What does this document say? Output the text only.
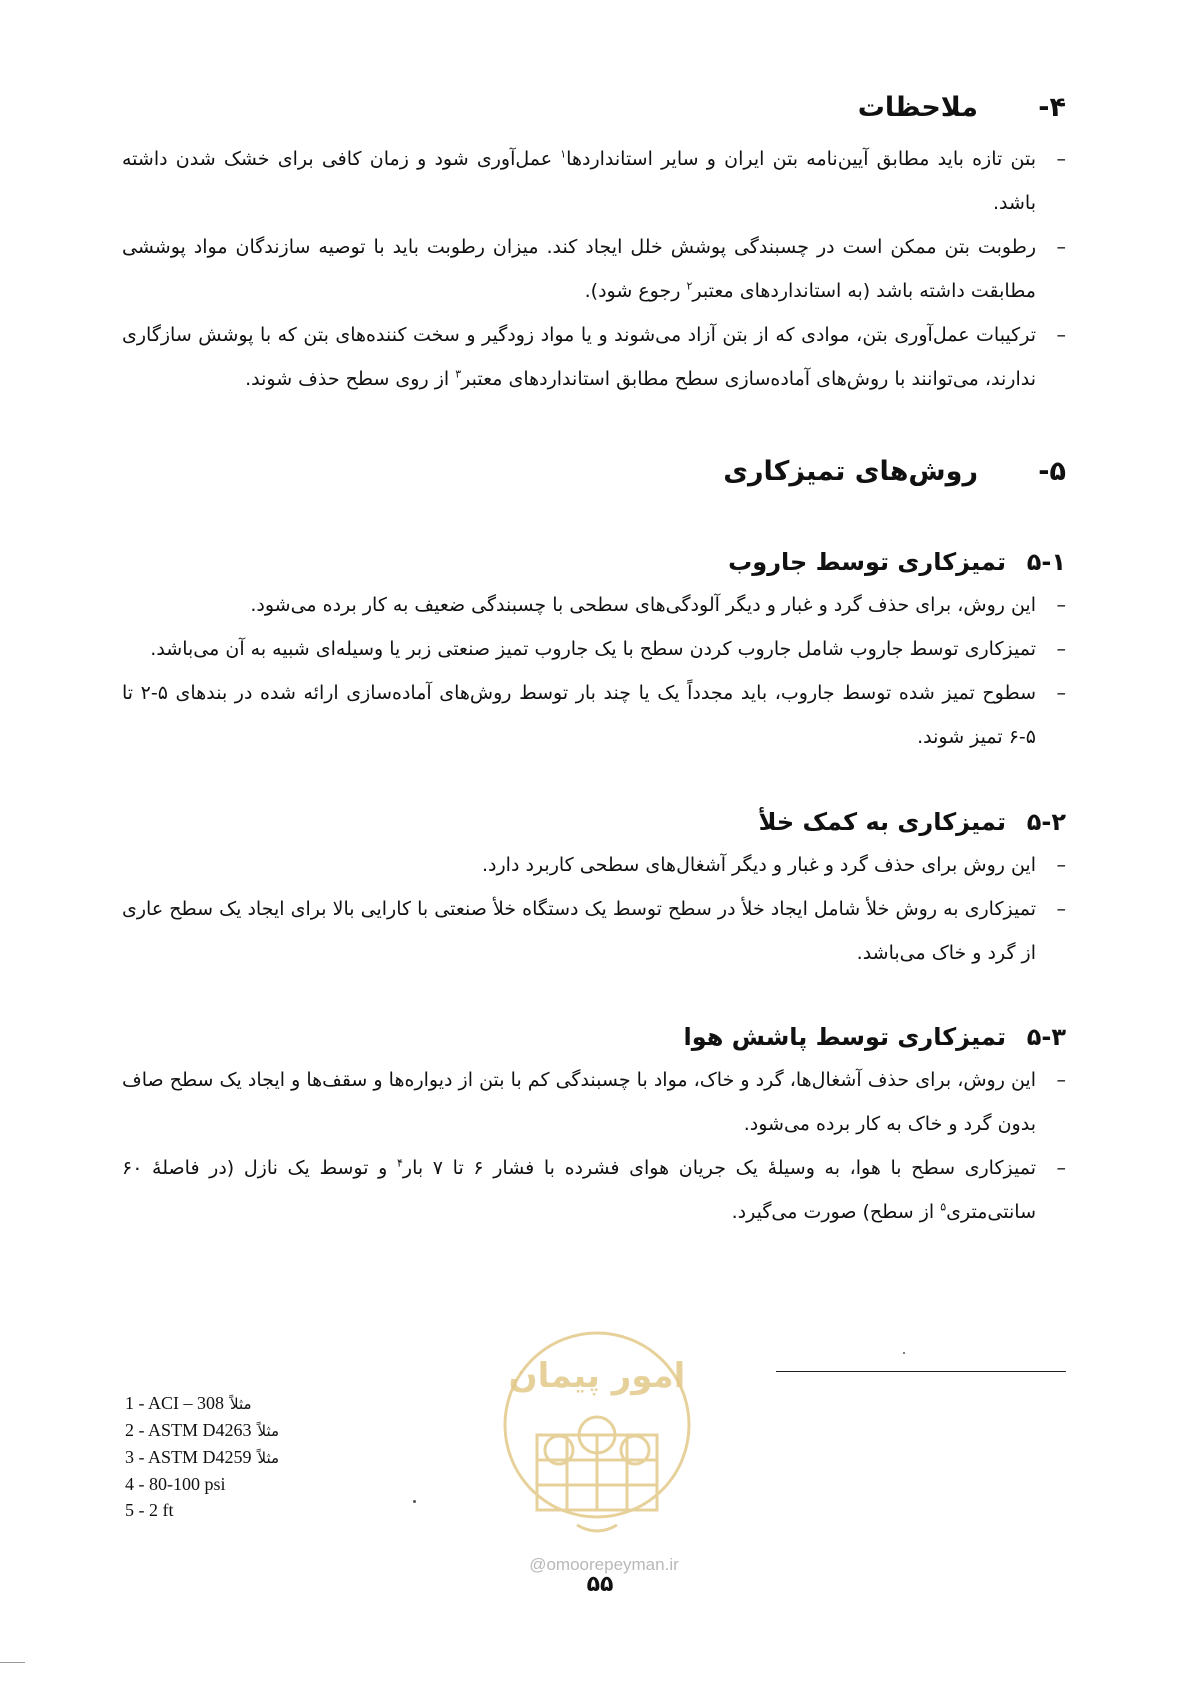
۴-
ملاحظات
–
بتن تازه باید مطابق آیین‌نامه بتن ایران و سایر استانداردها$^۱$ عمل‌آوری شود و زمان کافی برای خشک شدن داشته باشد.
–
رطوبت بتن ممکن است در چسبندگی پوشش خلل ایجاد کند. میزان رطوبت باید با توصیه سازندگان مواد پوششی مطابقت داشته باشد (به استانداردهای معتبر$^۲$ رجوع شود).
–
ترکیبات عمل‌آوری بتن، موادی که از بتن آزاد می‌شوند و یا مواد زودگیر و سخت کننده‌های بتن که با پوشش سازگاری ندارند، می‌توانند با روش‌های آماده‌سازی سطح مطابق استانداردهای معتبر$^۳$ از روی سطح حذف شوند.
۵-
روش‌های تمیزکاری
۵-۱
تمیزکاری توسط جاروب
–
این روش، برای حذف گرد و غبار و دیگر آلودگی‌های سطحی با چسبندگی ضعیف به کار برده می‌شود.
–
تمیزکاری توسط جاروب شامل جاروب کردن سطح با یک جاروب تمیز صنعتی زبر یا وسیله‌ای شبیه به آن می‌باشد.
–
سطوح تمیز شده توسط جاروب، باید مجدداً یک یا چند بار توسط روش‌های آماده‌سازی ارائه شده در بندهای ۵-۲ تا ۵-۶ تمیز شوند.
۵-۲
تمیزکاری به کمک خلأ
–
این روش برای حذف گرد و غبار و دیگر آشغال‌های سطحی کاربرد دارد.
–
تمیزکاری به روش خلأ شامل ایجاد خلأ در سطح توسط یک دستگاه خلأ صنعتی با کارایی بالا برای ایجاد یک سطح عاری از گرد و خاک می‌باشد.
۵-۳
تمیزکاری توسط پاشش هوا
–
این روش، برای حذف آشغال‌ها، گرد و خاک، مواد با چسبندگی کم با بتن از دیواره‌ها و سقف‌ها و ایجاد یک سطح صاف بدون گرد و خاک به کار برده می‌شود.
–
تمیزکاری سطح با هوا، به وسیلهٔ یک جریان هوای فشرده با فشار ۶ تا ۷ بار$^۴$ و توسط یک نازل (در فاصلهٔ ۶۰ سانتی‌متری$^۵$ از سطح) صورت می‌گیرد.
1 - ACI – 308 مثلاً
2 - ASTM D4263 مثلاً
3 - ASTM D4259 مثلاً
4 - 80-100 psi
5 - 2 ft
امور پیمان
@omoorepeyman.ir
۵۵
